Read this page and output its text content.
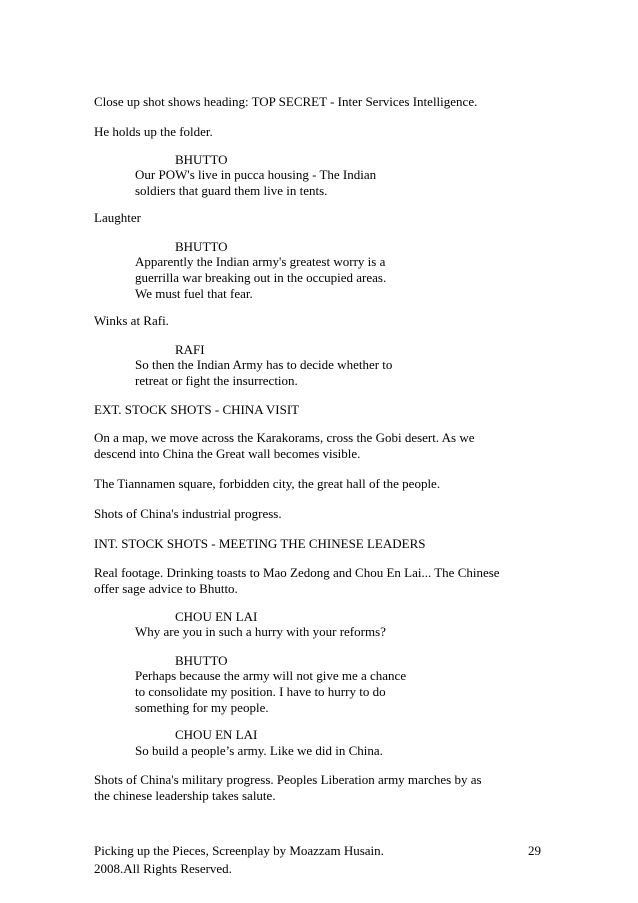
Close up shot shows heading: TOP SECRET - Inter Services Intelligence.
He holds up the folder.
BHUTTO
Our POW's live in pucca housing - The Indian
soldiers that guard them live in tents.
Laughter
BHUTTO
Apparently the Indian army's greatest worry is a
guerrilla war breaking out in the occupied areas.
We must fuel that fear.
Winks at Rafi.
RAFI
So then the Indian Army has to decide whether to
retreat or fight the insurrection.
EXT. STOCK SHOTS - CHINA VISIT
On a map, we move across the Karakorams, cross the Gobi desert. As we
descend into China the Great wall becomes visible.
The Tiannamen square, forbidden city, the great hall of the people.
Shots of China's industrial progress.
INT. STOCK SHOTS - MEETING THE CHINESE LEADERS
Real footage. Drinking toasts to Mao Zedong and Chou En Lai... The Chinese
offer sage advice to Bhutto.
CHOU EN LAI
Why are you in such a hurry with your reforms?
BHUTTO
Perhaps because the army will not give me a chance
to consolidate my position. I have to hurry to do
something for my people.
CHOU EN LAI
So build a people’s army. Like we did in China.
Shots of China's military progress. Peoples Liberation army marches by as
the chinese leadership takes salute.
Picking up the Pieces, Screenplay by Moazzam Husain.
2008.All Rights Reserved.
29
